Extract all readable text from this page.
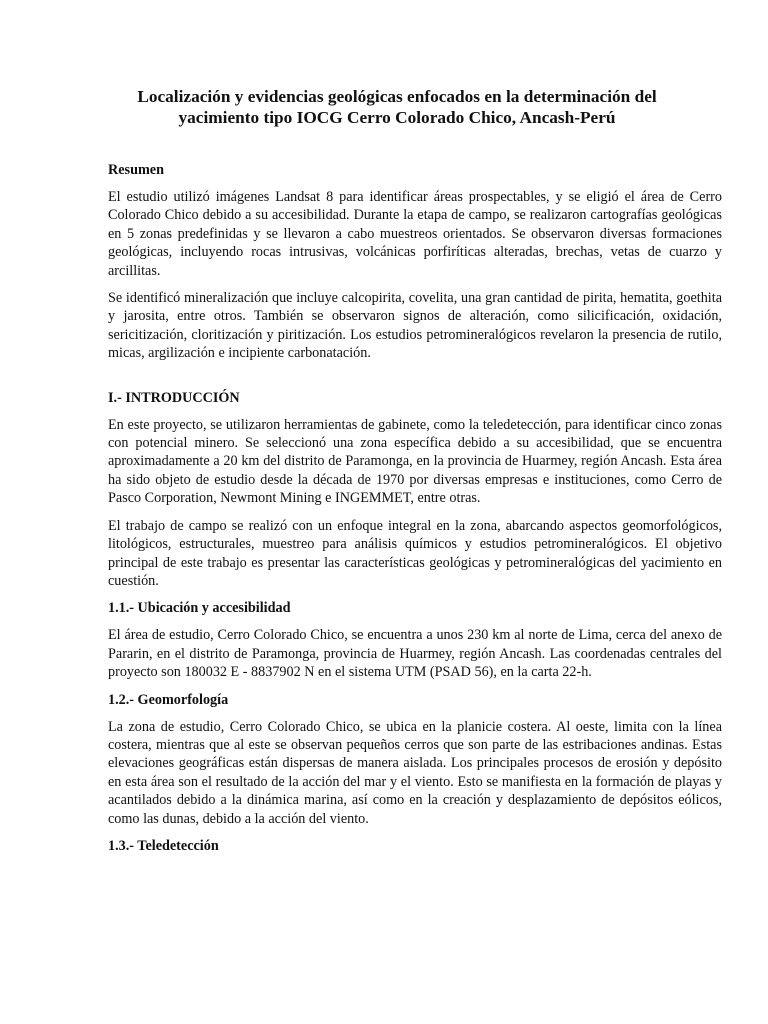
Localización y evidencias geológicas enfocados en la determinación del yacimiento tipo IOCG Cerro Colorado Chico, Ancash-Perú
Resumen

El estudio utilizó imágenes Landsat 8 para identificar áreas prospectables, y se eligió el área de Cerro Colorado Chico debido a su accesibilidad. Durante la etapa de campo, se realizaron cartografías geológicas en 5 zonas predefinidas y se llevaron a cabo muestreos orientados. Se observaron diversas formaciones geológicas, incluyendo rocas intrusivas, volcánicas porfiríticas alteradas, brechas, vetas de cuarzo y arcillitas.

Se identificó mineralización que incluye calcopirita, covelita, una gran cantidad de pirita, hematita, goethita y jarosita, entre otros. También se observaron signos de alteración, como silicificación, oxidación, sericitización, cloritización y piritización. Los estudios petromineralógicos revelaron la presencia de rutilo, micas, argilización e incipiente carbonatación.

I.- INTRODUCCIÓN

En este proyecto, se utilizaron herramientas de gabinete, como la teledetección, para identificar cinco zonas con potencial minero. Se seleccionó una zona específica debido a su accesibilidad, que se encuentra aproximadamente a 20 km del distrito de Paramonga, en la provincia de Huarmey, región Ancash. Esta área ha sido objeto de estudio desde la década de 1970 por diversas empresas e instituciones, como Cerro de Pasco Corporation, Newmont Mining e INGEMMET, entre otras.

El trabajo de campo se realizó con un enfoque integral en la zona, abarcando aspectos geomorfológicos, litológicos, estructurales, muestreo para análisis químicos y estudios petromineralógicos. El objetivo principal de este trabajo es presentar las características geológicas y petromineralógicas del yacimiento en cuestión.

1.1.- Ubicación y accesibilidad

El área de estudio, Cerro Colorado Chico, se encuentra a unos 230 km al norte de Lima, cerca del anexo de Pararin, en el distrito de Paramonga, provincia de Huarmey, región Ancash. Las coordenadas centrales del proyecto son 180032 E - 8837902 N en el sistema UTM (PSAD 56), en la carta 22-h.

1.2.- Geomorfología

La zona de estudio, Cerro Colorado Chico, se ubica en la planicie costera. Al oeste, limita con la línea costera, mientras que al este se observan pequeños cerros que son parte de las estribaciones andinas. Estas elevaciones geográficas están dispersas de manera aislada. Los principales procesos de erosión y depósito en esta área son el resultado de la acción del mar y el viento. Esto se manifiesta en la formación de playas y acantilados debido a la dinámica marina, así como en la creación y desplazamiento de depósitos eólicos, como las dunas, debido a la acción del viento.

1.3.- Teledetección
